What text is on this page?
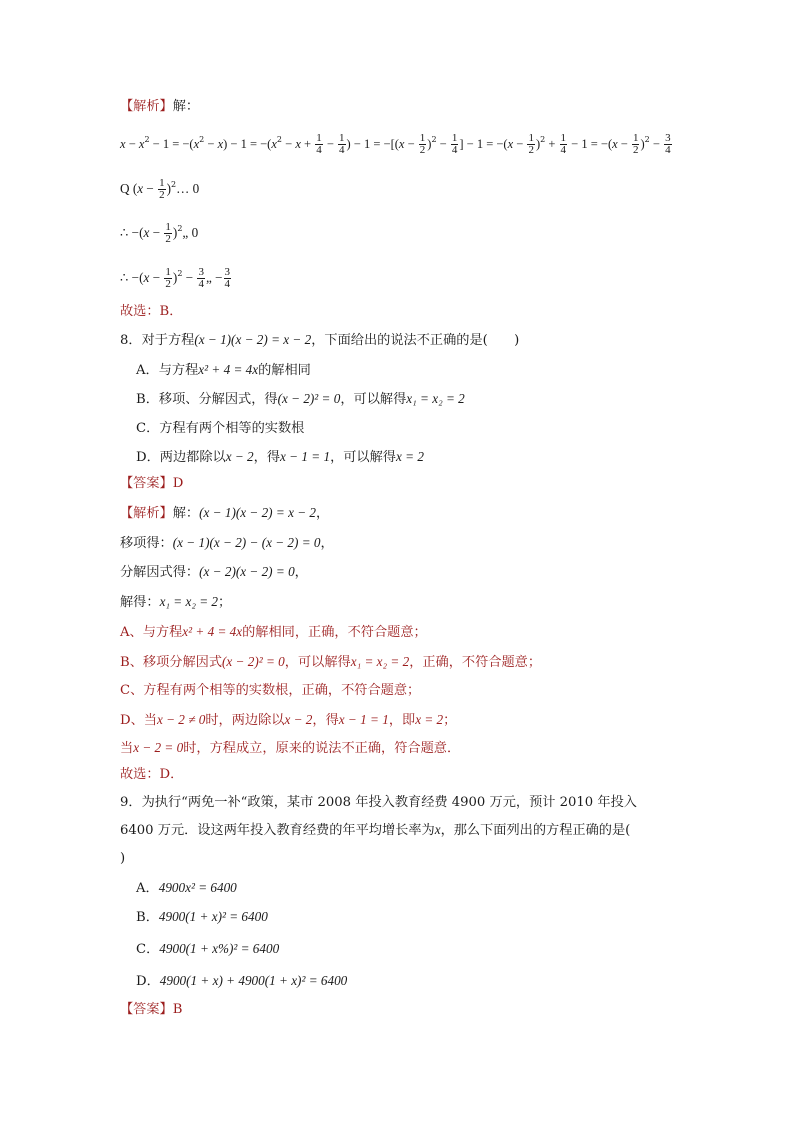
【解析】解：
$x - x^2 - 1 = -(x^2 - x) - 1 = -(x^2 - x + \frac{1}{4} - \frac{1}{4}$ ) − $1 = -[(x - \frac{1}{2} )^2 - \frac{1}{4}$ ] − $1 = -(x - \frac{1}{2} )^2 + \frac{1}{4} - 1 = -(x - \frac{1}{2} )^2 - \frac{3}{4}$
Q ($x - \frac{1}{2}$ )$^2\dots$ 0
∴ $-(x - \frac{1}{2}$ )$^2„$ 0
∴ $-(x - \frac{1}{2} )^2 - \frac{3}{4}$ „ − $\frac{3}{4}$
故选：B．
8．对于方程(x − 1)(x − 2) = x − 2，下面给出的说法不正确的是(　　)
A．与方程x² + 4 = 4x的解相同
B．移项、分解因式，得(x − 2)² = 0，可以解得x₁ = x₂ = 2
C．方程有两个相等的实数根
D．两边都除以x − 2，得x − 1 = 1，可以解得x = 2
【答案】D
【解析】解：(x − 1)(x − 2) = x − 2，
移项得：(x − 1)(x − 2) − (x − 2) = 0，
分解因式得：(x − 2)(x − 2) = 0，
解得：x₁ = x₂ = 2；
A、与方程x² + 4 = 4x的解相同，正确，不符合题意；
B、移项分解因式(x − 2)² = 0，可以解得x₁ = x₂ = 2，正确，不符合题意；
C、方程有两个相等的实数根，正确，不符合题意；
D、当x − 2 ≠ 0时，两边除以x − 2，得x − 1 = 1，即x = 2；
当x − 2 = 0时，方程成立，原来的说法不正确，符合题意．
故选：D．
9．为执行“两免一补“政策，某市 2008 年投入教育经费 4900 万元，预计 2010 年投入
6400 万元．设这两年投入教育经费的年平均增长率为x，那么下面列出的方程正确的是(
)
A．4900x² = 6400
B．4900(1 + x)² = 6400
C．4900(1 + x%)² = 6400
D．4900(1 + x) + 4900(1 + x)² = 6400
【答案】B
